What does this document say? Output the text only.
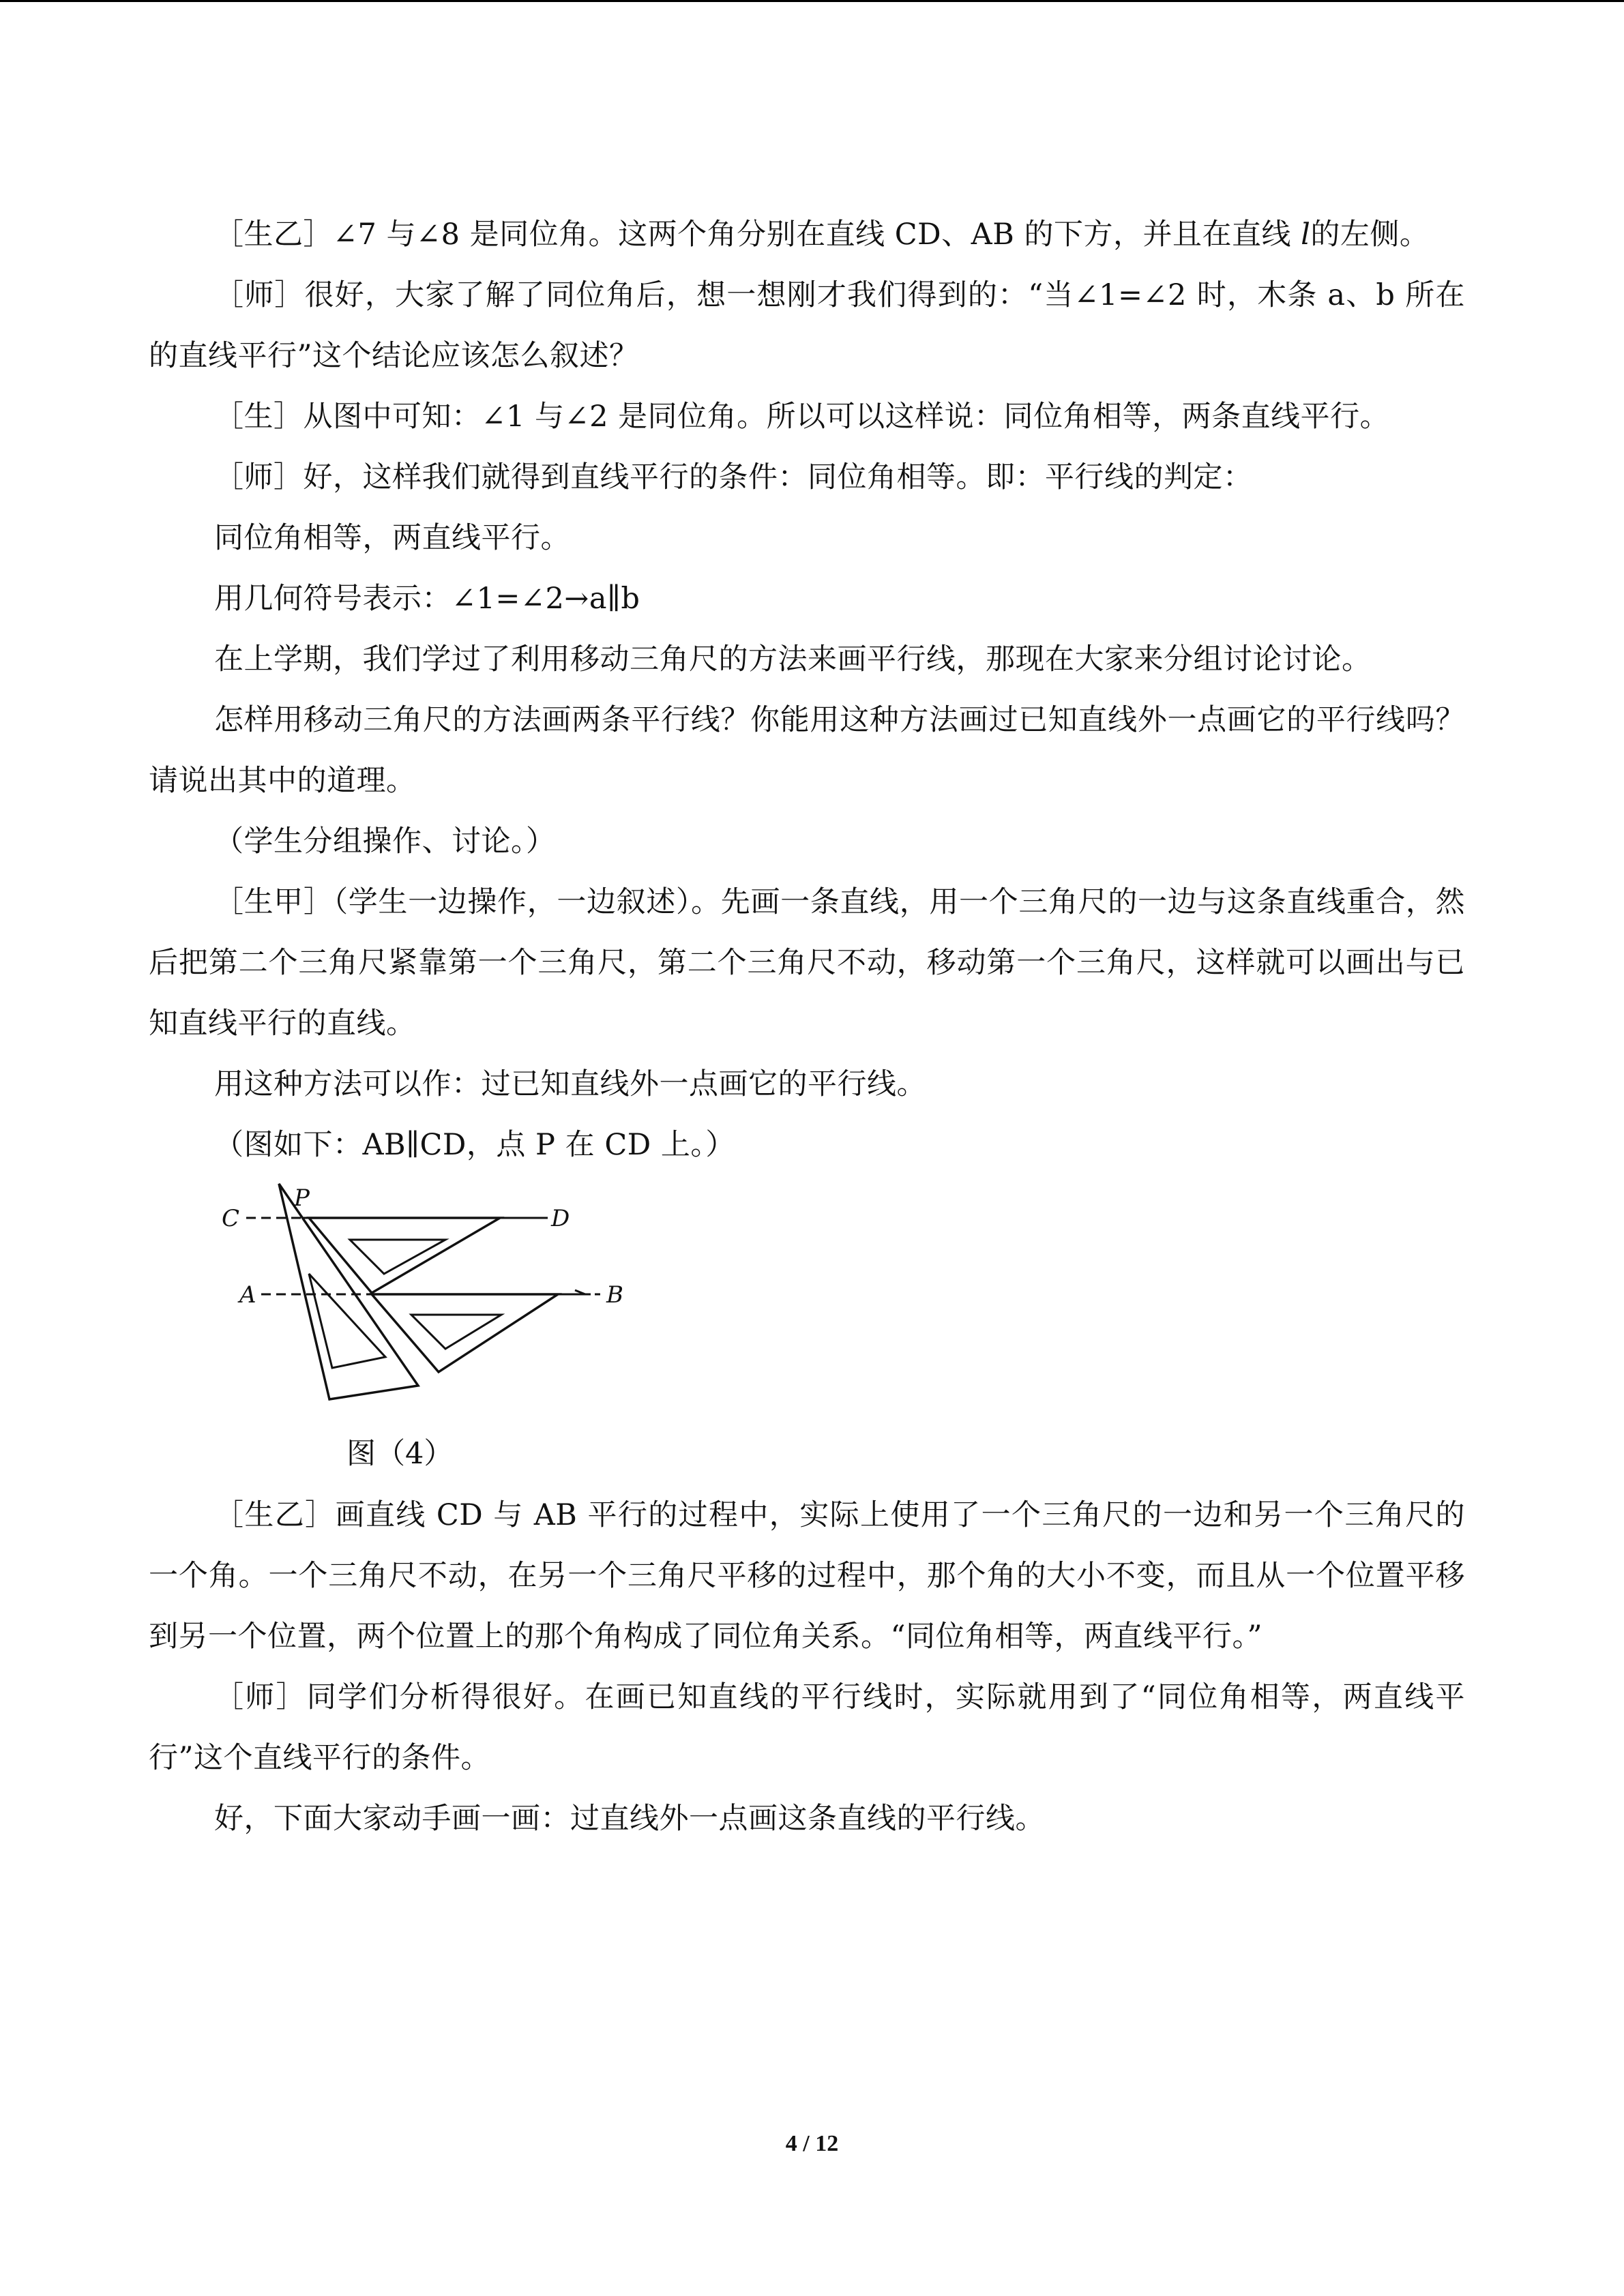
［生乙］∠7 与∠8 是同位角。这两个角分别在直线 CD、AB 的下方，并且在直线 l的左侧。

［师］很好，大家了解了同位角后，想一想刚才我们得到的：“当∠1=∠2 时，木条 a、b 所在的直线平行”这个结论应该怎么叙述？

［生］从图中可知：∠1 与∠2 是同位角。所以可以这样说：同位角相等，两条直线平行。

［师］好，这样我们就得到直线平行的条件：同位角相等。即：平行线的判定：

同位角相等，两直线平行。

用几何符号表示：∠1=∠2→a∥b

在上学期，我们学过了利用移动三角尺的方法来画平行线，那现在大家来分组讨论讨论。

怎样用移动三角尺的方法画两条平行线？你能用这种方法画过已知直线外一点画它的平行线吗？请说出其中的道理。

（学生分组操作、讨论。）

［生甲］（学生一边操作，一边叙述）。先画一条直线，用一个三角尺的一边与这条直线重合，然后把第二个三角尺紧靠第一个三角尺，第二个三角尺不动，移动第一个三角尺，这样就可以画出与已知直线平行的直线。

用这种方法可以作：过已知直线外一点画它的平行线。

（图如下：AB∥CD，点 P 在 CD 上。）

C
P
D
A	B
图（4）

［生乙］画直线 CD 与 AB 平行的过程中，实际上使用了一个三角尺的一边和另一个三角尺的一个角。一个三角尺不动，在另一个三角尺平移的过程中，那个角的大小不变，而且从一个位置平移到另一个位置，两个位置上的那个角构成了同位角关系。“同位角相等，两直线平行。”

［师］同学们分析得很好。在画已知直线的平行线时，实际就用到了“同位角相等，两直线平行”这个直线平行的条件。

好，下面大家动手画一画：过直线外一点画这条直线的平行线。

4 / 12
